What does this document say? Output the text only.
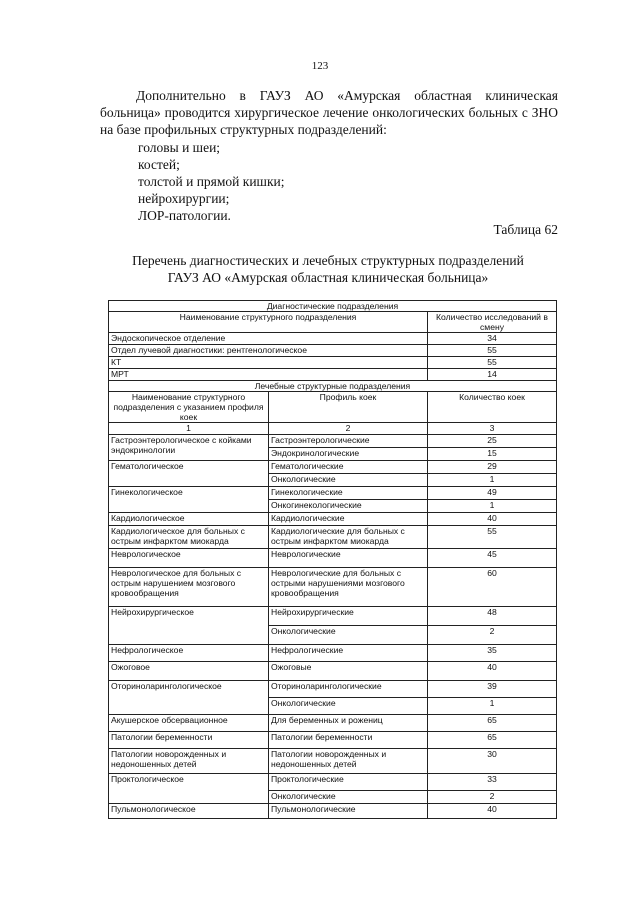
123
Дополнительно в ГАУЗ АО «Амурская областная клиническая больница» проводится хирургическое лечение онкологических больных с ЗНО на базе профильных структурных подразделений:
головы и шеи;
костей;
толстой и прямой кишки;
нейрохирургии;
ЛОР-патологии.
Таблица 62
Перечень диагностических и лечебных структурных подразделений
ГАУЗ АО «Амурская областная клиническая больница»
Диагностические подразделения		
Наименование структурного подразделения		Количество исследований в смену
Эндоскопическое отделение		34
Отдел лучевой диагностики: рентгенологическое		55
КТ		55
МРТ		14
Лечебные структурные подразделения		
Наименование структурного подразделения с указанием профиля коек	Профиль коек	Количество коек
1	2	3
Гастроэнтерологическое с койками эндокринологии	Гастроэнтерологические	25
	Эндокринологические	15
Гематологическое	Гематологические	29
	Онкологические	1
Гинекологическое	Гинекологические	49
	Онкогинекологические	1
Кардиологическое	Кардиологические	40
Кардиологическое для больных с острым инфарктом миокарда	Кардиологические для больных с острым инфарктом миокарда	55
Неврологическое	Неврологические	45
Неврологическое для больных с острым нарушением мозгового кровообращения	Неврологические для больных с острыми нарушениями мозгового кровообращения	60
Нейрохирургическое	Нейрохирургические	48
	Онкологические	2
Нефрологическое	Нефрологические	35
Ожоговое	Ожоговые	40
Оториноларингологическое	Оториноларингологические	39
	Онкологические	1
Акушерское обсервационное	Для беременных и рожениц	65
Патологии беременности	Патологии беременности	65
Патологии новорожденных и недоношенных детей	Патологии новорожденных и недоношенных детей	30
Проктологическое	Проктологические	33
	Онкологические	2
Пульмонологическое	Пульмонологические	40
